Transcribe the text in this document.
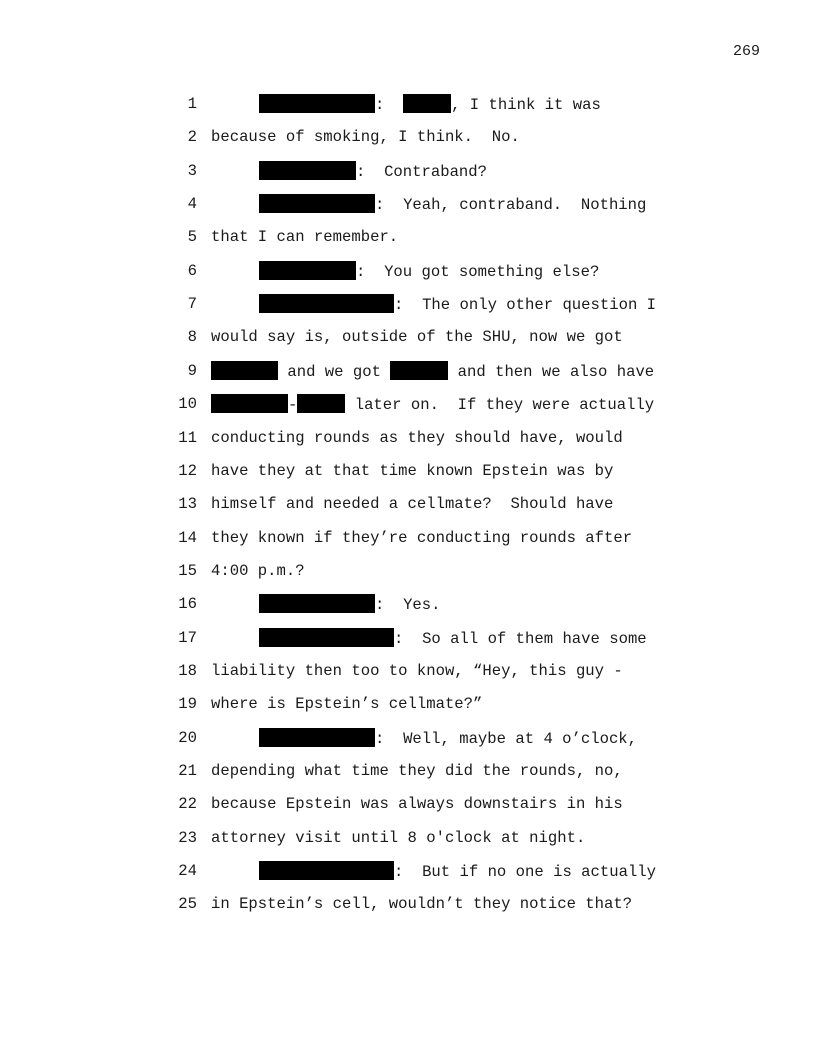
269
1	:	, I think it was
2 because of smoking, I think.  No.
3	:  Contraband?
4	:  Yeah, contraband.  Nothing
5 that I can remember.
6	:  You got something else?
7	:  The only other question I
8 would say is, outside of the SHU, now we got
9	and we got	and then we also have
10	-	later on.  If they were actually
11 conducting rounds as they should have, would
12 have they at that time known Epstein was by
13 himself and needed a cellmate?  Should have
14 they known if they’re conducting rounds after
15 4:00 p.m.?
16	:  Yes.
17	:  So all of them have some
18 liability then too to know, “Hey, this guy -
19 where is Epstein’s cellmate?”
20	:  Well, maybe at 4 o’clock,
21 depending what time they did the rounds, no,
22 because Epstein was always downstairs in his
23 attorney visit until 8 o'clock at night.
24	:  But if no one is actually
25 in Epstein’s cell, wouldn’t they notice that?
